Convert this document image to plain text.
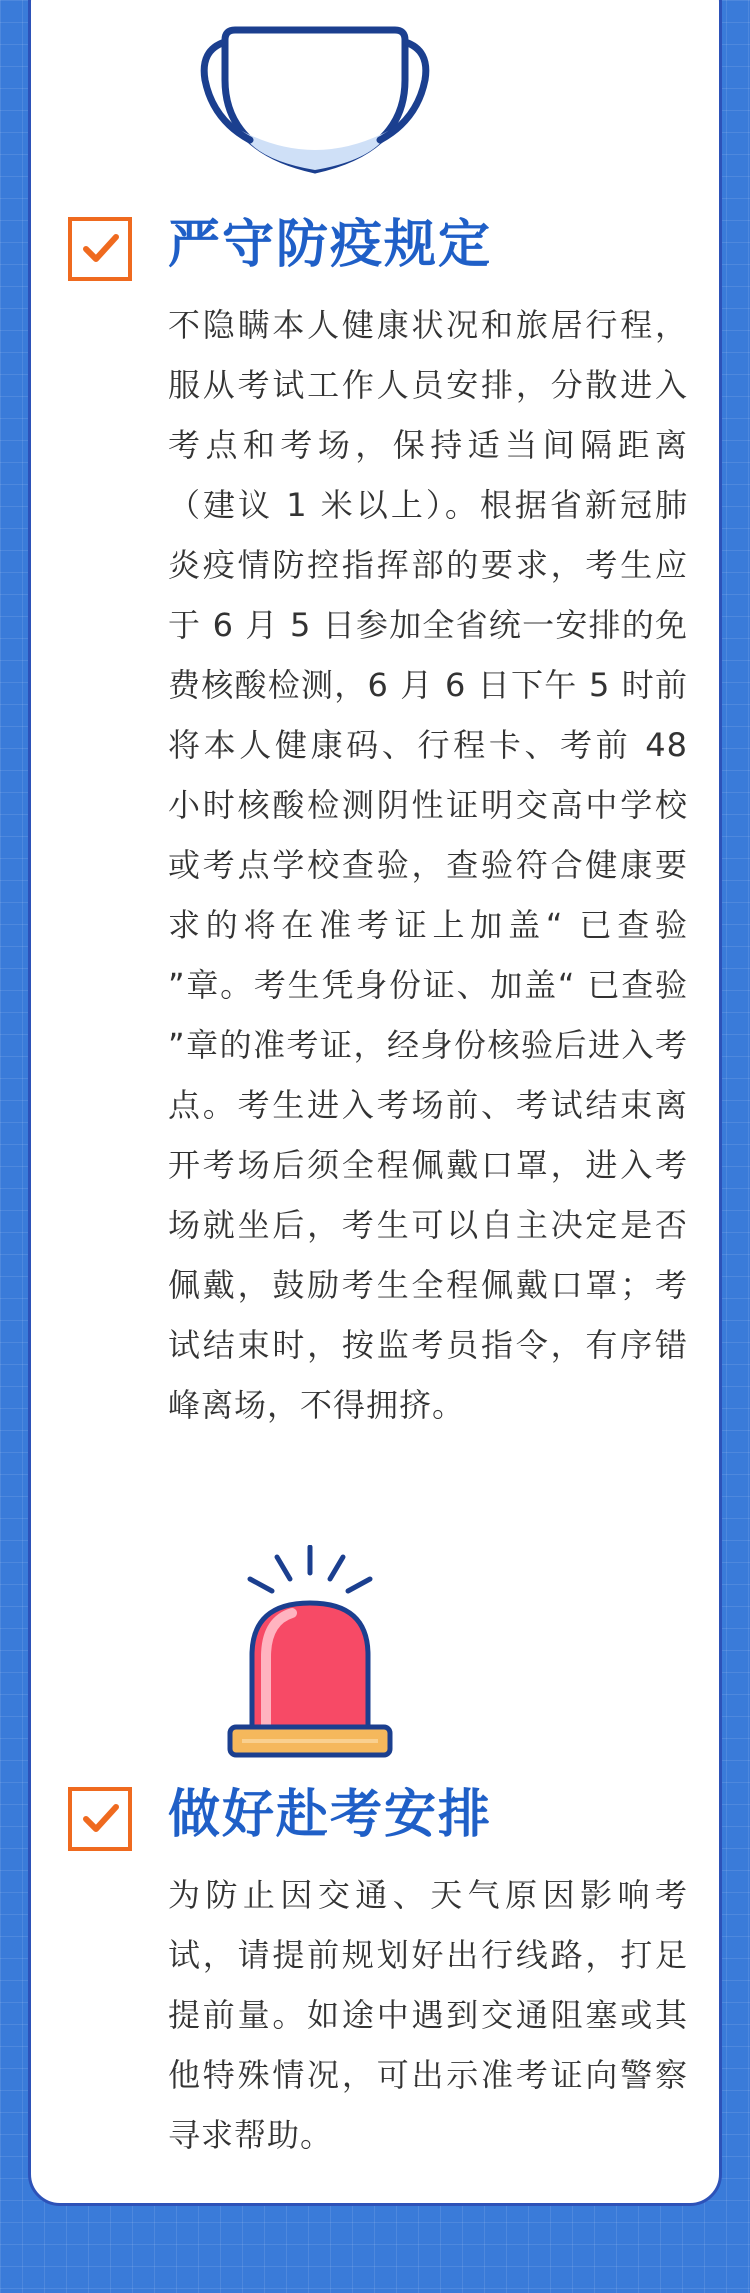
严守防疫规定
不隐瞒本人健康状况和旅居行程，服从考试工作人员安排，分散进入考点和考场，保持适当间隔距离（建议 1 米以上）。根据省新冠肺炎疫情防控指挥部的要求，考生应于 6 月 5 日参加全省统一安排的免费核酸检测，6 月 6 日下午 5 时前将本人健康码、行程卡、考前 48 小时核酸检测阴性证明交高中学校或考点学校查验，查验符合健康要求的将在准考证上加盖“ 已查验 ”章。考生凭身份证、加盖“ 已查验 ”章的准考证，经身份核验后进入考点。考生进入考场前、考试结束离开考场后须全程佩戴口罩，进入考场就坐后，考生可以自主决定是否佩戴，鼓励考生全程佩戴口罩；考试结束时，按监考员指令，有序错峰离场，不得拥挤。
做好赴考安排
为防止因交通、天气原因影响考试，请提前规划好出行线路，打足提前量。如途中遇到交通阻塞或其他特殊情况，可出示准考证向警察寻求帮助。
